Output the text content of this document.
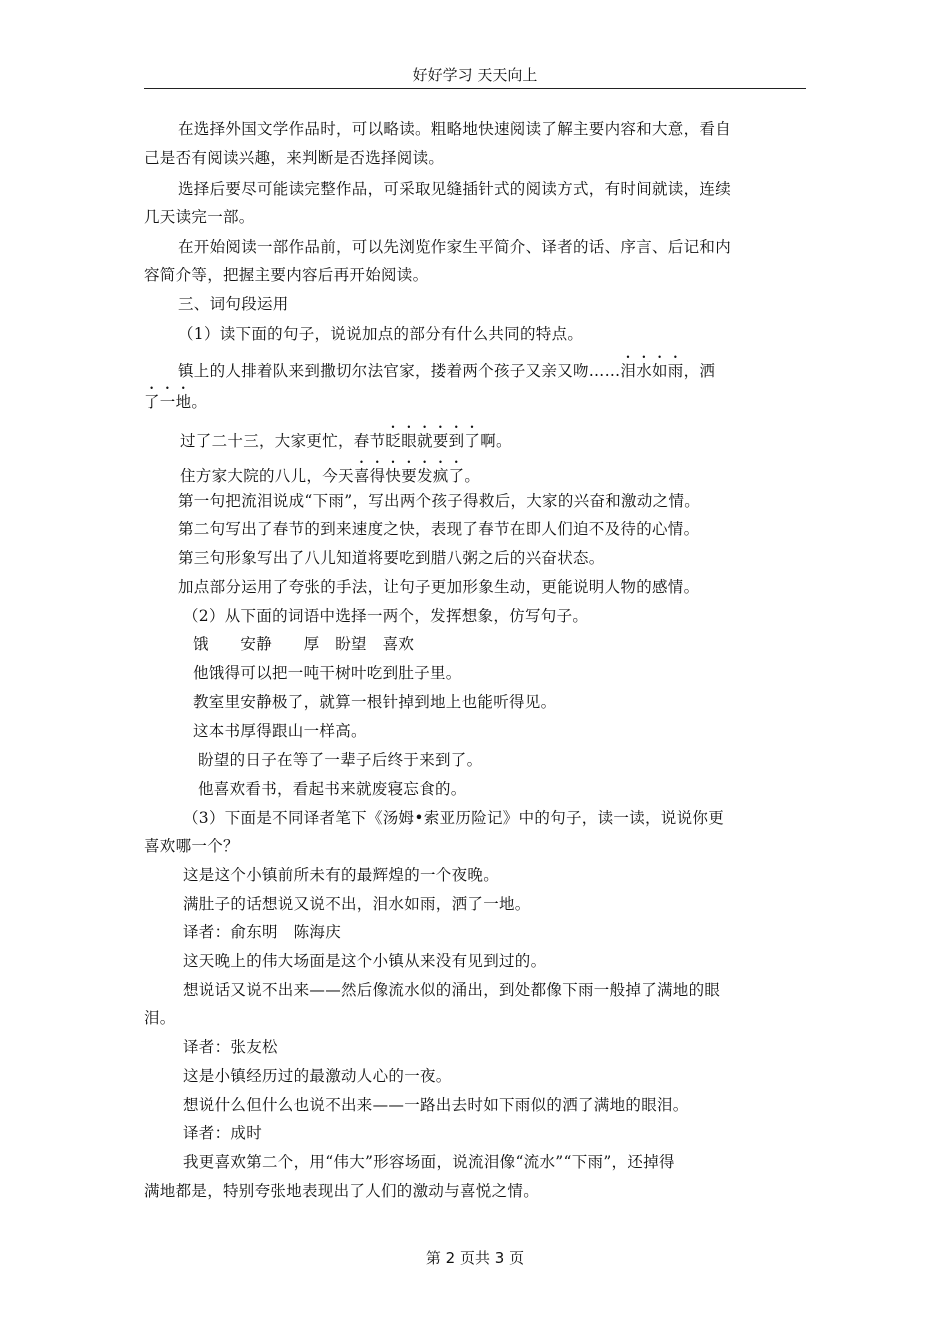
好好学习 天天向上
在选择外国文学作品时，可以略读。粗略地快速阅读了解主要内容和大意，看自
己是否有阅读兴趣，来判断是否选择阅读。
选择后要尽可能读完整作品，可采取见缝插针式的阅读方式，有时间就读，连续
几天读完一部。
在开始阅读一部作品前，可以先浏览作家生平简介、译者的话、序言、后记和内
容简介等，把握主要内容后再开始阅读。
三、词句段运用
（1）读下面的句子，说说加点的部分有什么共同的特点。
镇上的人排着队来到撒切尔法官家，搂着两个孩子又亲又吻……泪水如雨，洒
了一地。
过了二十三，大家更忙，春节眨眼就要到了啊。
住方家大院的八儿，今天喜得快要发疯了。
第一句把流泪说成“下雨”，写出两个孩子得救后，大家的兴奋和激动之情。
第二句写出了春节的到来速度之快，表现了春节在即人们迫不及待的心情。
第三句形象写出了八儿知道将要吃到腊八粥之后的兴奋状态。
加点部分运用了夸张的手法，让句子更加形象生动，更能说明人物的感情。
（2）从下面的词语中选择一两个，发挥想象，仿写句子。
饿　　安静　　厚　盼望　喜欢
他饿得可以把一吨干树叶吃到肚子里。
教室里安静极了，就算一根针掉到地上也能听得见。
这本书厚得跟山一样高。
盼望的日子在等了一辈子后终于来到了。
他喜欢看书，看起书来就废寝忘食的。
（3）下面是不同译者笔下《汤姆•索亚历险记》中的句子，读一读，说说你更
喜欢哪一个？
这是这个小镇前所未有的最辉煌的一个夜晚。
满肚子的话想说又说不出，泪水如雨，洒了一地。
译者：俞东明　陈海庆
这天晚上的伟大场面是这个小镇从来没有见到过的。
想说话又说不出来——然后像流水似的涌出，到处都像下雨一般掉了满地的眼
泪。
译者：张友松
这是小镇经历过的最激动人心的一夜。
想说什么但什么也说不出来——一路出去时如下雨似的洒了满地的眼泪。
译者：成时
我更喜欢第二个，用“伟大”形容场面，说流泪像“流水”“下雨”，还掉得
满地都是，特别夸张地表现出了人们的激动与喜悦之情。
第 2 页共 3 页
